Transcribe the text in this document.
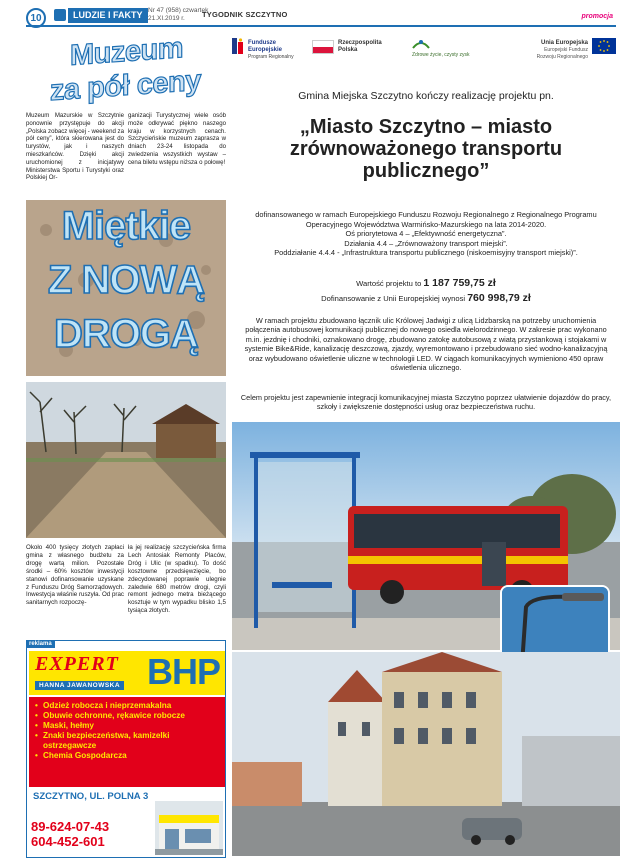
10	LUDZIE I FAKTY Nr 47 (958) czwartek
21.XI.2019 r.	TYGODNIK SZCZYTNO	promocja
Muzeum
za pół ceny

Muzeum Mazurskie w Szczytnie ponownie przystępuje do akcji „Polska zobacz więcej - weekend za pół ceny”, która skierowana jest do turystów, jak i naszych mieszkańców. Dzięki akcji uruchomionej z inicjatywy Ministerstwa Sportu i Turystyki oraz Polskiej Or-

ganizacji Turystycznej wiele osób może odkrywać piękno naszego kraju w korzystnych cenach. Szczycieńskie muzeum zaprasza w dniach 23-24 listopada do zwiedzenia wszystkich wystaw – cena biletu wstępu niższa o połowę!

Miętkie
Z NOWĄ
DROGĄ

Około 400 tysięcy złotych zapłaci gmina z własnego budżetu za drogę wartą milion. Pozostałe środki – 60% kosztów inwestycji stanowi dofinansowanie uzyskane z Funduszu Dróg Samorządowych. Inwestycja właśnie ruszyła. Od prac sanitarnych rozpoczę-

ła jej realizację szczycieńska firma Lech Antosiak Remonty Placów, Dróg i Ulic (w spadku). To dość kosztowne przedsięwzięcie, bo zdecydowanej poprawie ulegnie zaledwie 680 metrów drogi, czyli remont jednego metra bieżącego kosztuje w tym wypadku blisko 1,5 tysiąca złotych.

EXPERT
HANNA JAWANOWSKA BHP
• Odzież robocza i nieprzemakalna
• Obuwie ochronne, rękawice robocze
• Maski, hełmy
• Znaki bezpieczeństwa, kamizelki ostrzegawcze
• Chemia Gospodarcza
SZCZYTNO, UL. POLNA 3
89-624-07-43
604-452-601
reklama
Fundusze
Europejskie
Program Regionalny
Rzeczpospolita
Polska
Zdrowe życie, czysty zysk
Unia Europejska
Europejski Fundusz
Rozwoju Regionalnego
Gmina Miejska Szczytno kończy realizację projektu pn.
„Miasto Szczytno – miasto zrównoważonego transportu publicznego”
dofinansowanego w ramach Europejskiego Funduszu Rozwoju Regionalnego z Regionalnego Programu Operacyjnego Województwa Warmińsko-Mazurskiego na lata 2014-2020.
Oś priorytetowa 4 – „Efektywność energetyczna”.
Działania 4.4 – „Zrównoważony transport miejski”.
Poddziałanie 4.4.4 - „Infrastruktura transportu publicznego (niskoemisyjny transport miejski)”.
Wartość projektu to 1 187 759,75 zł
Dofinansowanie z Unii Europejskiej wynosi 760 998,79 zł
W ramach projektu zbudowano łącznik ulic Królowej Jadwigi z ulicą Lidzbarską na potrzeby uruchomienia połączenia autobusowej komunikacji publicznej do nowego osiedla wielorodzinnego. W zakresie prac wykonano m.in. jezdnię i chodniki, oznakowano drogę, zbudowano zatokę autobusową z wiatą przystankową i stojakami w systemie Bike&Ride, kanalizację deszczową, zjazdy, wyremontowano i przebudowano sieć wodno-kanalizacyjną oraz wybudowano oświetlenie uliczne w technologii LED. W ciągach komunikacyjnych wymieniono 450 opraw oświetlenia ulicznego.
Celem projektu jest zapewnienie integracji komunikacyjnej miasta Szczytno poprzez ułatwienie dojazdów do pracy, szkoły i zwiększenie dostępności usług oraz bezpieczeństwa ruchu.
